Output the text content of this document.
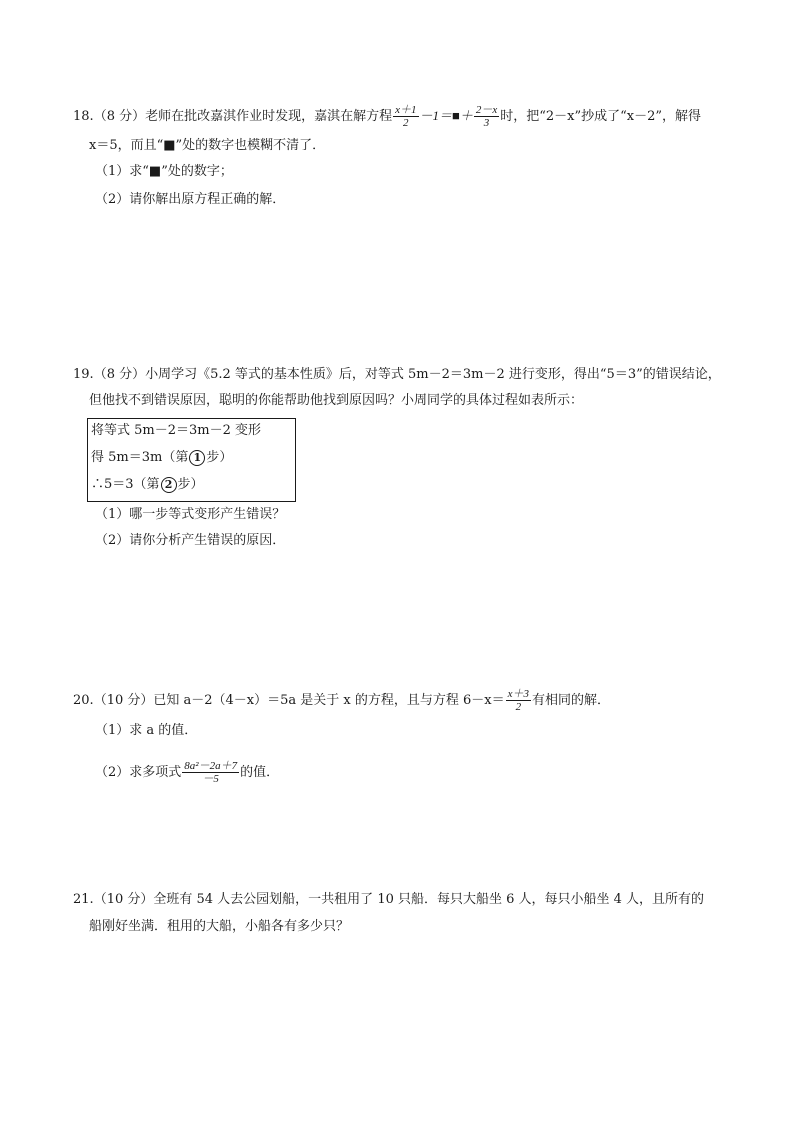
18.（8 分）老师在批改嘉淇作业时发现，嘉淇在解方程 $\frac{x+1}{2}$ －1＝■＋ $\frac{2-x}{3}$ 时，把“2－x”抄成了“x－2”，解得
x＝5，而且“■”处的数字也模糊不清了．
（1）求“■”处的数字；
（2）请你解出原方程正确的解．
19.（8 分）小周学习《5.2 等式的基本性质》后，对等式 5m－2＝3m－2 进行变形，得出“5＝3”的错误结论，
但他找不到错误原因，聪明的你能帮助他找到原因吗？小周同学的具体过程如表所示：
将等式 5m－2＝3m－2 变形
得 5m＝3m（第 1 步）
∴5＝3（第 2 步）
（1）哪一步等式变形产生错误？
（2）请你分析产生错误的原因．
20.（10 分）已知 a－2（4－x）＝5a 是关于 x 的方程，且与方程 $6-x= \frac{x+3}{2}$ 有相同的解．
（1）求 a 的值．
（2）求多项式 $\frac{\text{8a²－2a＋7}}{-5}$ 的值．
21.（10 分）全班有 54 人去公园划船，一共租用了 10 只船．每只大船坐 6 人，每只小船坐 4 人，且所有的
船刚好坐满．租用的大船，小船各有多少只？
